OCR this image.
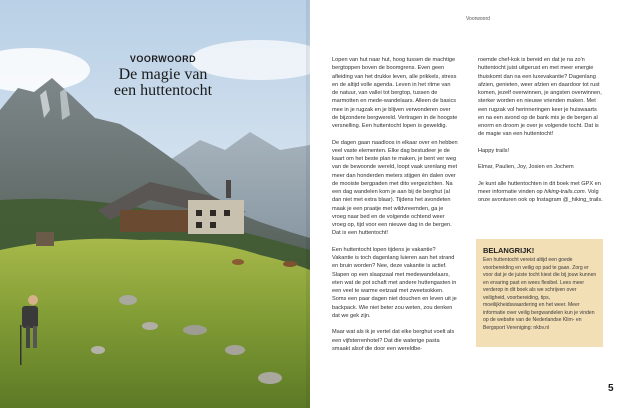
VOORWOORD
De magie van
een huttentocht
Voorwoord

Lopen van hut naar hut, hoog tussen de machtige bergtoppen boven de boomgrens. Even geen afleiding van het drukke leven, alle prikkels, stress en de altijd volle agenda. Leven in het ritme van de natuur, van vallei tot bergtop, tussen de marmotten en mede-wandelaars. Alleen de basics mee in je rugzak en je blijven verwonderen over de bijzondere bergwereld. Vertragen in de hoogste versnelling. Een huttentocht lopen is geweldig.

De dagen gaan naadloos in elkaar over en hebben veel vaste elementen. Elke dag bestudeer je de kaart om het beste plan te maken, je bent ver weg van de bewoonde wereld, loopt vaak urenlang met meer dan honderden meters stijgen én dalen over de mooiste bergpaden met dito vergezichten. Na een dag wandelen kom je aan bij de berghut (al dan niet met extra blaar). Tijdens het avondeten maak je een praatje met wildvreemden, ga je vroeg naar bed en de volgende ochtend weer vroeg op, tijd voor een nieuwe dag in de bergen. Dat is een huttentocht!

Een huttentocht lopen tijdens je vakantie? Vakantie is toch dagenlang luieren aan het strand en bruin worden? Nee, deze vakantie is actief. Slapen op een slaapzaal met medewandelaars, eten wat de pot schaft met andere huttengasten in een veel te warme eetzaal met zweetsokken. Soms een paar dagen niet douchen en leven uit je backpack. Wie niet beter zou weten, zou denken dat we gek zijn.

Maar wat als ik je vertel dat elke berghut voelt als een vijfsterrenhotel? Dat die waterige pasta smaakt alsof die door een wereldbe-

roemde chef-kok is bereid en dat je na zo'n huttentocht juist uitgerust en met meer energie thuiskomt dan na een luxevakantie? Dagenlang afzien, genieten, weer afzien en daardoor tot rust komen, jezelf overwinnen, je angsten overwinnen, sterker worden en nieuwe vrienden maken. Met een rugzak vol herinneringen keer je huiswaarts en na een avond op de bank mis je de bergen al enorm en droom je over je volgende tocht. Dat is de magie van een huttentocht!

Happy trails!

Elmar, Paulien, Joy, Josien en Jochem

Je kunt alle huttentochten in dit boek met GPX en meer informatie vinden op hiking-trails.com. Volg onze avonturen ook op Instagram @_hiking_trails.

BELANGRIJK!
Een huttentocht vereist altijd een goede voorbereiding en veilig op pad te gaan. Zorg er voor dat je de juiste tocht kiest die bij jouw kunnen en ervaring past en wees flexibel. Lees meer verderop in dit boek als we schrijven over veiligheid, voorbereiding, tips, moeilijkheidswaardering en het weer. Meer informatie over veilig bergwandelen kun je vinden op de website van de Nederlandse Klim- en Bergsport Vereniging: nkbv.nl
5
